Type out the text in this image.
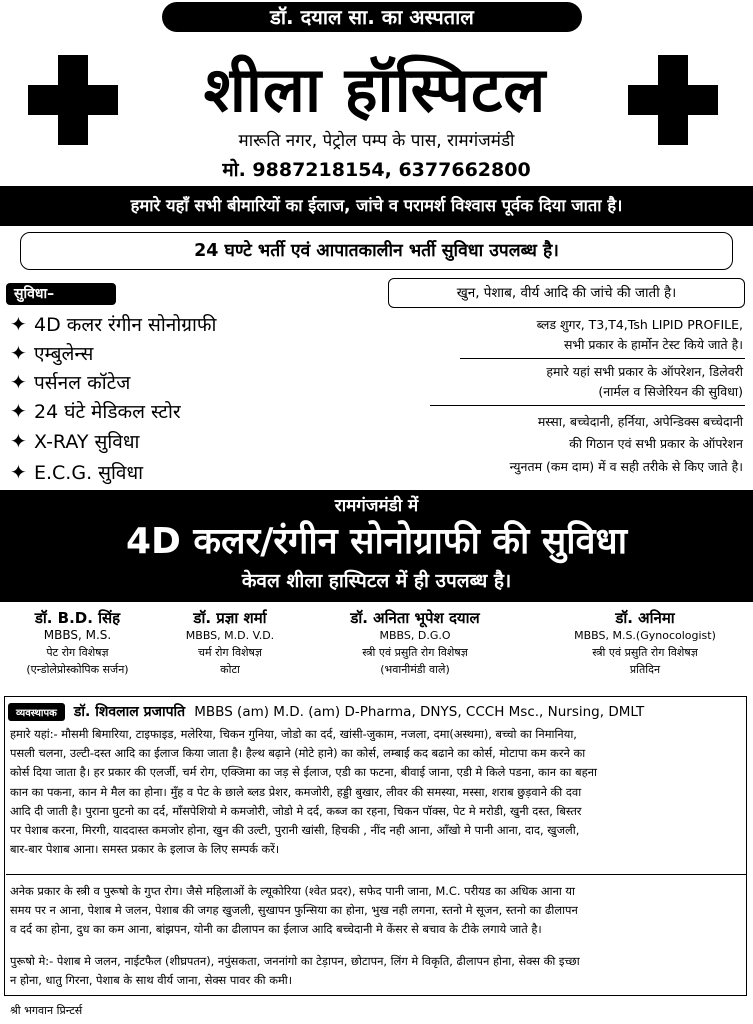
डॉ. दयाल सा. का अस्पताल
शीला हॉस्पिटल
मारूति नगर, पेट्रोल पम्प के पास, रामगंजमंडी
मो. 9887218154, 6377662800
हमारे यहाँ सभी बीमारियों का ईलाज, जांचे व परामर्श विश्वास पूर्वक दिया जाता है।
24 घण्टे भर्ती एवं आपातकालीन भर्ती सुविधा उपलब्ध है।
सुविधा–
✦ 4D कलर रंगीन सोनोग्राफी
✦ एम्बुलेन्स
✦ पर्सनल कॉटेज
✦ 24 घंटे मेडिकल स्टोर
✦ X-RAY सुविधा
✦ E.C.G. सुविधा
खुन, पेशाब, वीर्य आदि की जांचे की जाती है।
ब्लड शुगर, T3,T4,Tsh LIPID PROFILE,
सभी प्रकार के हार्मोन टेस्ट किये जाते है।
हमारे यहां सभी प्रकार के ऑपरेशन, डिलेवरी
(नार्मल व सिजेरियन की सुविधा)
मस्सा, बच्चेदानी, हर्निया, अपेन्डिक्स बच्चेदानी
की गिठान एवं सभी प्रकार के ऑपरेशन
न्युनतम (कम दाम) में व सही तरीके से किए जाते है।
रामगंजमंडी में
4D कलर/रंगीन सोनोग्राफी की सुविधा
केवल शीला हास्पिटल में ही उपलब्ध है।
डॉ. B.D. सिंह
MBBS, M.S.
पेट रोग विशेषज्ञ
(एन्डोलेप्रोस्कोपिक सर्जन)
डॉ. प्रज्ञा शर्मा
MBBS, M.D. V.D.
चर्म रोग विशेषज्ञ
कोटा
डॉ. अनिता भूपेश दयाल
MBBS, D.G.O
स्त्री एवं प्रसुति रोग विशेषज्ञ
(भवानीमंडी वाले)
डॉ. अनिमा
MBBS, M.S.(Gynocologist)
स्त्री एवं प्रसुति रोग विशेषज्ञ
प्रतिदिन
व्यवस्थापक डॉ. शिवलाल प्रजापति MBBS (am) M.D. (am) D-Pharma, DNYS, CCCH Msc., Nursing, DMLT
हमारे यहां:- मौसमी बिमारिया, टाइफाइड, मलेरिया, चिकन गुनिया, जोडो का दर्द, खांसी-जुकाम, नजला, दमा(अस्थमा), बच्चो का निमानिया,
पसली चलना, उल्टी-दस्त आदि का ईलाज किया जाता है। हैल्थ बढ़ाने (मोटे हाने) का कोर्स, लम्बाई कद बढाने का कोर्स, मोटापा कम करने का
कोर्स दिया जाता है। हर प्रकार की एलर्जी, चर्म रोग, एक्जिमा का जड़ से ईलाज, एडी का फटना, बीवाई जाना, एडी मे किले पडना, कान का बहना
कान का पकना, कान मे मैल का होना। मुँह व पेट के छाले ब्लड प्रेशर, कमजोरी, हड्डी बुखार, लीवर की समस्या, मस्सा, शराब छुड़वाने की दवा
आदि दी जाती है। पुराना घुटनो का दर्द, माँसपेशियो मे कमजोरी, जोडो मे दर्द, कब्ज का रहना, चिकन पॉक्स, पेट मे मरोडी, खुनी दस्त, बिस्तर
पर पेशाब करना, मिरगी, याददास्त कमजोर होना, खुन की उल्टी, पुरानी खांसी, हिचकी , नींद नही आना, आँखो मे पानी आना, दाद, खुजली,
बार-बार पेशाब आना। समस्त प्रकार के इलाज के लिए सम्पर्क करें।
अनेक प्रकार के स्त्री व पुरूषो के गुप्त रोग। जैसे महिलाओं के ल्यूकोरिया (श्वेत प्रदर), सफेद पानी जाना, M.C. परीयड का अधिक आना या
समय पर न आना, पेशाब मे जलन, पेशाब की जगह खुजली, सुखापन फुन्सिया का होना, भुख नही लगना, स्तनो मे सूजन, स्तनो का ढीलापन
व दर्द का होना, दुध का कम आना, बांझपन, योनी का ढीलापन का ईलाज आदि बच्चेदानी मे केंसर से बचाव के टीके लगाये जाते है।
पुरूषो मे:- पेशाब मे जलन, नाईटफैल (शीघ्रपतन), नपुंसकता, जननांगो का टेड़ापन, छोटापन, लिंग मे विकृति, ढीलापन होना, सेक्स की इच्छा
न होना, धातु गिरना, पेशाब के साथ वीर्य जाना, सेक्स पावर की कमी।
श्री भगवान प्रिन्टर्स
